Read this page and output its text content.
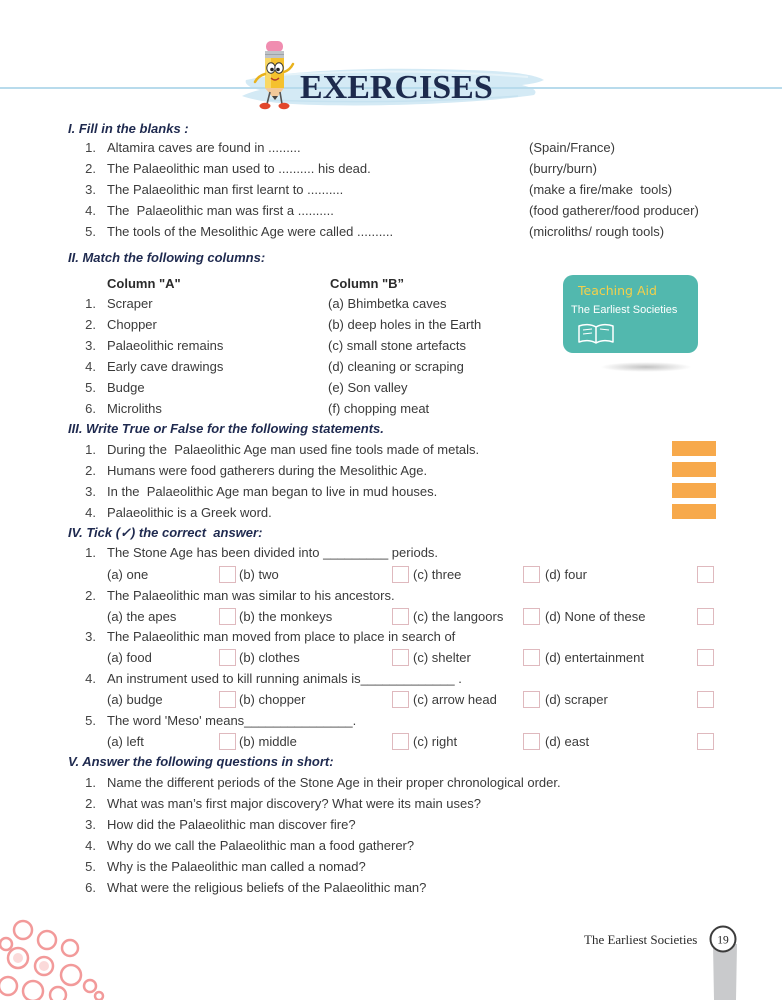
EXERCISES
I. Fill in the blanks :
1. Altamira caves are found in .........	(Spain/France)
2. The Palaeolithic man used to .......... his dead.	(burry/burn)
3. The Palaeolithic man first learnt to ..........	(make a fire/make  tools)
4. The  Palaeolithic man was first a ..........	(food gatherer/food producer)
5. The tools of the Mesolithic Age were called ..........	(microliths/ rough tools)
II. Match the following columns:
Column "A"	Column "B”
1. Scraper	(a) Bhimbetka caves
2. Chopper	(b) deep holes in the Earth
3. Palaeolithic remains	(c) small stone artefacts
4. Early cave drawings	(d) cleaning or scraping
5. Budge	(e) Son valley
6. Microliths	(f) chopping meat
Teaching Aid
The Earliest Societies
III. Write True or False for the following statements.
1. During the  Palaeolithic Age man used fine tools made of metals.
2. Humans were food gatherers during the Mesolithic Age.
3. In the  Palaeolithic Age man began to live in mud houses.
4. Palaeolithic is a Greek word.
IV. Tick (✓) the correct  answer:
1. The Stone Age has been divided into _________ periods.
(a) one	(b) two	(c) three	(d) four
2. The Palaeolithic man was similar to his ancestors.
(a) the apes	(b) the monkeys	(c) the langoors	(d) None of these
3. The Palaeolithic man moved from place to place in search of
(a) food	(b) clothes	(c) shelter	(d) entertainment
4. An instrument used to kill running animals is_____________ .
(a) budge	(b) chopper	(c) arrow head	(d) scraper
5. The word 'Meso' means_______________.
(a) left	(b) middle	(c) right	(d) east
V. Answer the following questions in short:
1. Name the different periods of the Stone Age in their proper chronological order.
2. What was man’s first major discovery? What were its main uses?
3. How did the Palaeolithic man discover fire?
4. Why do we call the Palaeolithic man a food gatherer?
5. Why is the Palaeolithic man called a nomad?
6. What were the religious beliefs of the Palaeolithic man?
The Earliest Societies 19
